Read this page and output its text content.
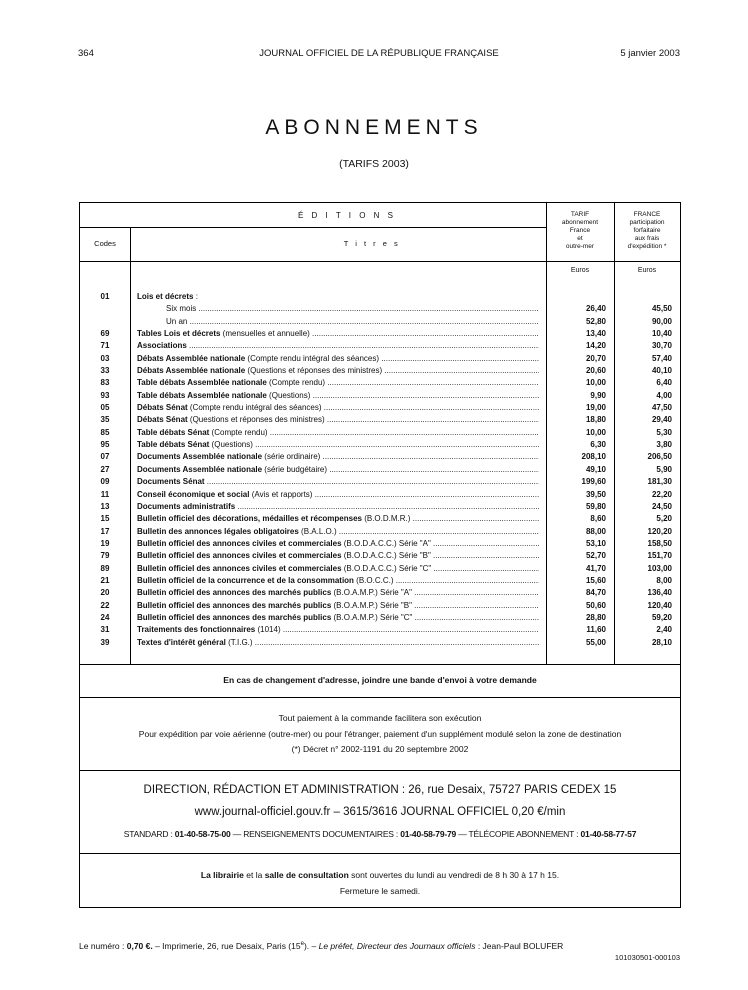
364	JOURNAL OFFICIEL DE LA RÉPUBLIQUE FRANÇAISE	5 janvier 2003
ABONNEMENTS
(TARIFS 2003)
É D I T I O N S
Codes	T i t r e s
TARIF
abonnement
France
et
outre-mer
FRANCE
participation
forfaitaire
aux frais
d'expédition *
Euros	Euros
01	Lois et décrets :
Six mois .....	26,40	45,50
Un an .....	52,80	90,00
69	Tables Lois et décrets (mensuelles et annuelle) .....	13,40	10,40
71	Associations .....	14,20	30,70
03	Débats Assemblée nationale (Compte rendu intégral des séances) .....	20,70	57,40
33	Débats Assemblée nationale (Questions et réponses des ministres) .....	20,60	40,10
83	Table débats Assemblée nationale (Compte rendu) .....	10,00	6,40
93	Table débats Assemblée nationale (Questions) .....	9,90	4,00
05	Débats Sénat (Compte rendu intégral des séances) .....	19,00	47,50
35	Débats Sénat (Questions et réponses des ministres) .....	18,80	29,40
85	Table débats Sénat (Compte rendu) .....	10,00	5,30
95	Table débats Sénat (Questions) .....	6,30	3,80
07	Documents Assemblée nationale (série ordinaire) .....	208,10	206,50
27	Documents Assemblée nationale (série budgétaire) .....	49,10	5,90
09	Documents Sénat .....	199,60	181,30
11	Conseil économique et social (Avis et rapports) .....	39,50	22,20
13	Documents administratifs .....	59,80	24,50
15	Bulletin officiel des décorations, médailles et récompenses (B.O.D.M.R.) .....	8,60	5,20
17	Bulletin des annonces légales obligatoires (B.A.L.O.) .....	88,00	120,20
19	Bulletin officiel des annonces civiles et commerciales (B.O.D.A.C.C.) Série "A" .....	53,10	158,50
79	Bulletin officiel des annonces civiles et commerciales (B.O.D.A.C.C.) Série "B" .....	52,70	151,70
89	Bulletin officiel des annonces civiles et commerciales (B.O.D.A.C.C.) Série "C" .....	41,70	103,00
21	Bulletin officiel de la concurrence et de la consommation (B.O.C.C.) .....	15,60	8,00
20	Bulletin officiel des annonces des marchés publics (B.O.A.M.P.) Série "A" .....	84,70	136,40
22	Bulletin officiel des annonces des marchés publics (B.O.A.M.P.) Série "B" .....	50,60	120,40
24	Bulletin officiel des annonces des marchés publics (B.O.A.M.P.) Série "C" .....	28,80	59,20
31	Traitements des fonctionnaires (1014) .....	11,60	2,40
39	Textes d'intérêt général (T.I.G.) .....	55,00	28,10
En cas de changement d'adresse, joindre une bande d'envoi à votre demande
Tout paiement à la commande facilitera son exécution
Pour expédition par voie aérienne (outre-mer) ou pour l'étranger, paiement d'un supplément modulé selon la zone de destination
(*) Décret n° 2002-1191 du 20 septembre 2002
DIRECTION, RÉDACTION ET ADMINISTRATION : 26, rue Desaix, 75727 PARIS CEDEX 15
www.journal-officiel.gouv.fr – 3615/3616 JOURNAL OFFICIEL 0,20 €/min
STANDARD : 01-40-58-75-00 — RENSEIGNEMENTS DOCUMENTAIRES : 01-40-58-79-79 — TÉLÉCOPIE ABONNEMENT : 01-40-58-77-57
La librairie et la salle de consultation sont ouvertes du lundi au vendredi de 8 h 30 à 17 h 15.
Fermeture le samedi.
Le numéro : 0,70 €. – Imprimerie, 26, rue Desaix, Paris (15e). – Le préfet, Directeur des Journaux officiels : Jean-Paul BOLUFER
101030501-000103
